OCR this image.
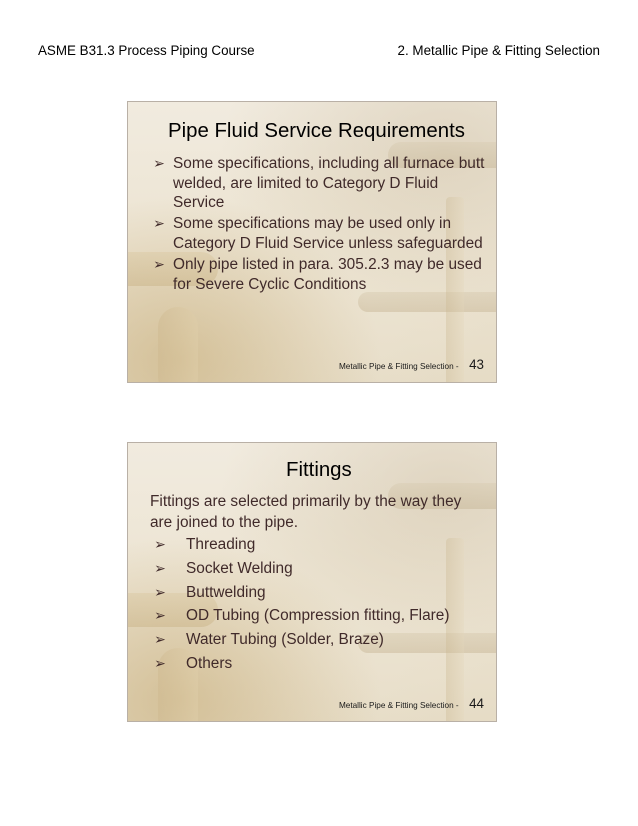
ASME B31.3 Process Piping Course	2. Metallic Pipe & Fitting Selection
Pipe Fluid Service Requirements
➢ Some specifications, including all furnace butt welded, are limited to Category D Fluid Service
➢ Some specifications may be used only in Category D Fluid Service unless safeguarded
➢ Only pipe listed in para. 305.2.3 may be used for Severe Cyclic Conditions
Metallic Pipe & Fitting Selection - 43
Fittings
Fittings are selected primarily by the way they are joined to the pipe.
➢ Threading
➢ Socket Welding
➢ Buttwelding
➢ OD Tubing (Compression fitting, Flare)
➢ Water Tubing (Solder, Braze)
➢ Others
Metallic Pipe & Fitting Selection - 44
